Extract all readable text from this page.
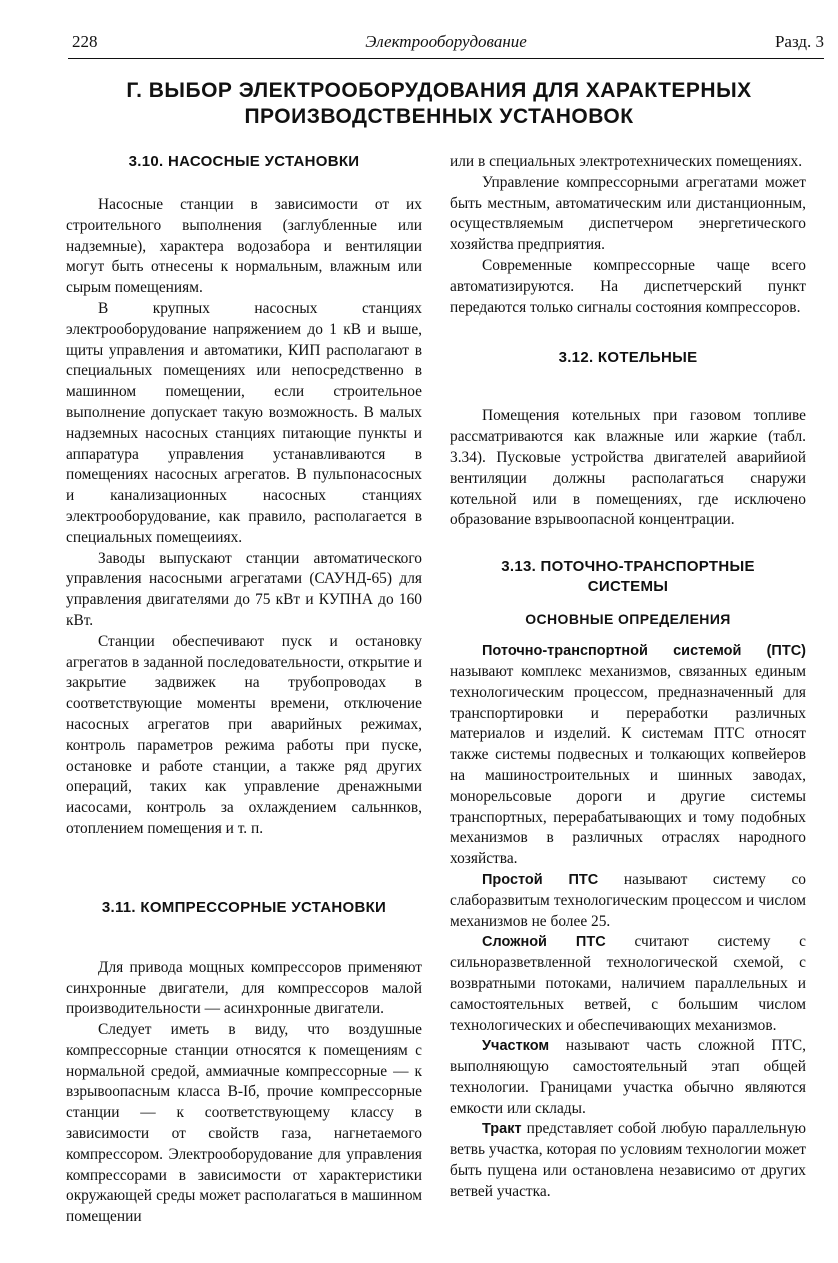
228	Электрооборудование	Разд. 3
Г. ВЫБОР ЭЛЕКТРООБОРУДОВАНИЯ ДЛЯ ХАРАКТЕРНЫХ
ПРОИЗВОДСТВЕННЫХ УСТАНОВОК
3.10. НАСОСНЫЕ УСТАНОВКИ

Насосные станции в зависимости от их строительного выполнения (заглубленные или надземные), характера водозабора и вентиляции могут быть отнесены к нормальным, влажным или сырым помещениям.

В крупных насосных станциях электрооборудование напряжением до 1 кВ и выше, щиты управления и автоматики, КИП располагают в специальных помещениях или непосредственно в машинном помещении, если строительное выполнение допускает такую возможность. В малых надземных насосных станциях питающие пункты и аппаратура управления устанавливаются в помещениях насосных агрегатов. В пульпонасосных и канализационных насосных станциях электрооборудование, как правило, располагается в специальных помещеииях.

Заводы выпускают станции автоматического управления насосными агрегатами (САУНД-65) для управления двигателями до 75 кВт и КУПНА до 160 кВт.

Станции обеспечивают пуск и остановку агрегатов в заданной последовательности, открытие и закрытие задвижек на трубопроводах в соответствующие моменты времени, отключение насосных агрегатов при аварийных режимах, контроль параметров режима работы при пуске, остановке и работе станции, а также ряд других операций, таких как управление дренажными иасосами, контроль за охлаждением сальннков, отоплением помещения и т. п.

3.11. КОМПРЕССОРНЫЕ УСТАНОВКИ

Для привода мощных компрессоров применяют синхронные двигатели, для компрессоров малой производительности — асинхронные двигатели.

Следует иметь в виду, что воздушные компрессорные станции относятся к помещениям с нормальной средой, аммиачные компрессорные — к взрывоопасным класса В-Іб, прочие компрессорные станции — к соответствующему классу в зависимости от свойств газа, нагнетаемого компрессором. Электрооборудование для управления компрессорами в зависимости от характеристики окружающей среды может располагаться в машинном помещении

или в специальных электротехнических помещениях.

Управление компрессорными агрегатами может быть местным, автоматическим или дистанционным, осуществляемым диспетчером энергетического хозяйства предприятия.

Современные компрессорные чаще всего автоматизируются. На диспетчерский пункт передаются только сигналы состояния компрессоров.

3.12. КОТЕЛЬНЫЕ

Помещения котельных при газовом топливе рассматриваются как влажные или жаркие (табл. 3.34). Пусковые устройства двигателей аварийиой вентиляции должны располагаться снаружи котельной или в помещениях, где исключено образование взрывоопасной концентрации.

3.13. ПОТОЧНО-ТРАНСПОРТНЫЕ
СИСТЕМЫ
ОСНОВНЫЕ ОПРЕДЕЛЕНИЯ

Поточно-транспортной системой (ПТС) называют комплекс механизмов, связанных единым технологическим процессом, предназначенный для транспортировки и переработки различных материалов и изделий. К системам ПТС относят также системы подвесных и толкающих копвейеров на машиностроительных и шинных заводах, монорельсовые дороги и другие системы транспортных, перерабатывающих и тому подобных механизмов в различных отраслях народного хозяйства.

Простой ПТС называют систему со слаборазвитым технологическим процессом и числом механизмов не более 25.

Сложной ПТС считают систему с сильноразветвленной технологической схемой, с возвратными потоками, наличием параллельных и самостоятельных ветвей, с большим числом технологических и обеспечивающих механизмов.

Участком называют часть сложной ПТС, выполняющую самостоятельный этап общей технологии. Границами участка обычно являются емкости или склады.

Тракт представляет собой любую параллельную ветвь участка, которая по условиям технологии может быть пущена или остановлена независимо от других ветвей участка.
